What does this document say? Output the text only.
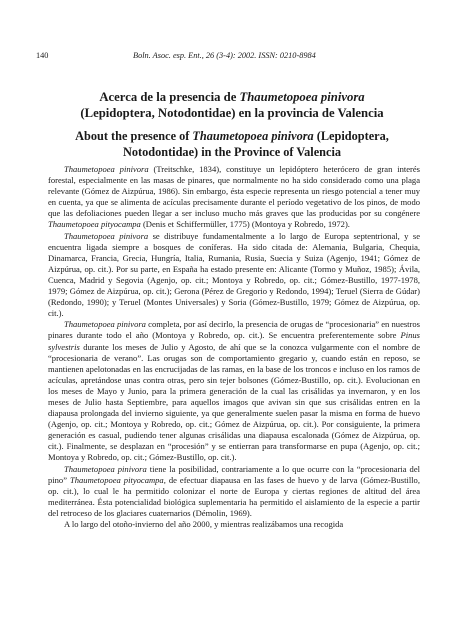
140	Boln. Asoc. esp. Ent., 26 (3-4): 2002. ISSN: 0210-8984
Acerca de la presencia de Thaumetopoea pinivora
(Lepidoptera, Notodontidae) en la provincia de Valencia
About the presence of Thaumetopoea pinivora (Lepidoptera,
Notodontidae) in the Province of Valencia

Thaumetopoea pinivora (Treitschke, 1834), constituye un lepidóptero heterócero de gran interés forestal, especialmente en las masas de pinares, que normalmente no ha sido considerado como una plaga relevante (Gómez de Aizpúrua, 1986). Sin embargo, ésta especie representa un riesgo potencial a tener muy en cuenta, ya que se alimenta de acículas precisamente durante el período vegetativo de los pinos, de modo que las defoliaciones pueden llegar a ser incluso mucho más graves que las producidas por su congénere Thaumetopoea pityocampa (Denis et Schiffermüller, 1775) (Montoya y Robredo, 1972).

Thaumetopoea pinivora se distribuye fundamentalmente a lo largo de Europa septentrional, y se encuentra ligada siempre a bosques de coníferas. Ha sido citada de: Alemania, Bulgaria, Chequia, Dinamarca, Francia, Grecia, Hungría, Italia, Rumania, Rusia, Suecia y Suiza (Agenjo, 1941; Gómez de Aizpúrua, op. cit.). Por su parte, en España ha estado presente en: Alicante (Tormo y Muñoz, 1985); Ávila, Cuenca, Madrid y Segovia (Agenjo, op. cit.; Montoya y Robredo, op. cit.; Gómez-Bustillo, 1977-1978, 1979; Gómez de Aizpúrua, op. cit.); Gerona (Pérez de Gregorio y Redondo, 1994); Teruel (Sierra de Gúdar) (Redondo, 1990); y Teruel (Montes Universales) y Soria (Gómez-Bustillo, 1979; Gómez de Aizpúrua, op. cit.).

Thaumetopoea pinivora completa, por así decirlo, la presencia de orugas de “procesionaria” en nuestros pinares durante todo el año (Montoya y Robredo, op. cit.). Se encuentra preferentemente sobre Pinus sylvestris durante los meses de Julio y Agosto, de ahí que se la conozca vulgarmente con el nombre de “procesionaria de verano”. Las orugas son de comportamiento gregario y, cuando están en reposo, se mantienen apelotonadas en las encrucijadas de las ramas, en la base de los troncos e incluso en los ramos de acículas, apretándose unas contra otras, pero sin tejer bolsones (Gómez-Bustillo, op. cit.). Evolucionan en los meses de Mayo y Junio, para la primera generación de la cual las crisálidas ya invernaron, y en los meses de Julio hasta Septiembre, para aquellos imagos que avivan sin que sus crisálidas entren en la diapausa prolongada del invierno siguiente, ya que generalmente suelen pasar la misma en forma de huevo (Agenjo, op. cit.; Montoya y Robredo, op. cit.; Gómez de Aizpúrua, op. cit.). Por consiguiente, la primera generación es casual, pudiendo tener algunas crisálidas una diapausa escalonada (Gómez de Aizpúrua, op. cit.). Finalmente, se desplazan en “procesión” y se entierran para transformarse en pupa (Agenjo, op. cit.; Montoya y Robredo, op. cit.; Gómez-Bustillo, op. cit.).

Thaumetopoea pinivora tiene la posibilidad, contrariamente a lo que ocurre con la “procesionaria del pino” Thaumetopoea pityocampa, de efectuar diapausa en las fases de huevo y de larva (Gómez-Bustillo, op. cit.), lo cual le ha permitido colonizar el norte de Europa y ciertas regiones de altitud del área mediterránea. Ésta potencialidad biológica suplementaria ha permitido el aislamiento de la especie a partir del retroceso de los glaciares cuaternarios (Démolin, 1969).

A lo largo del otoño-invierno del año 2000, y mientras realizábamos una recogida
